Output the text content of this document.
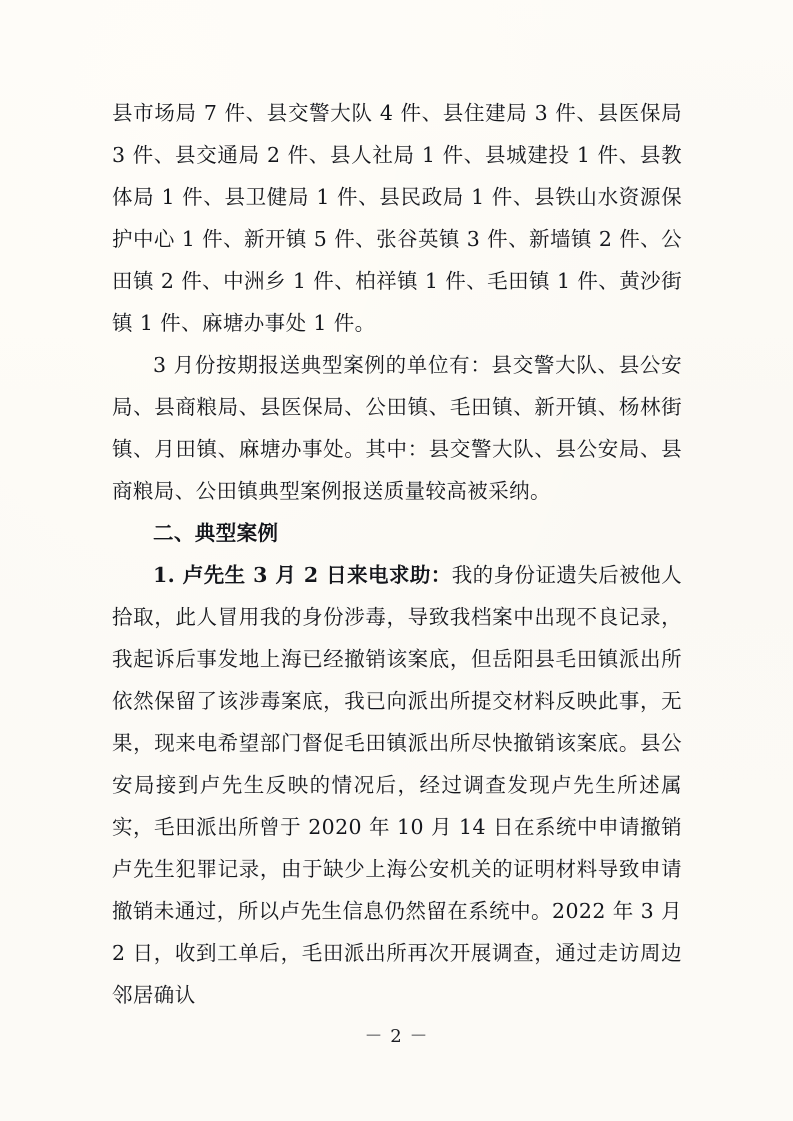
县市场局 7 件、县交警大队 4 件、县住建局 3 件、县医保局 3 件、县交通局 2 件、县人社局 1 件、县城建投 1 件、县教体局 1 件、县卫健局 1 件、县民政局 1 件、县铁山水资源保护中心 1 件、新开镇 5 件、张谷英镇 3 件、新墙镇 2 件、公田镇 2 件、中洲乡 1 件、柏祥镇 1 件、毛田镇 1 件、黄沙街镇 1 件、麻塘办事处 1 件。

3 月份按期报送典型案例的单位有：县交警大队、县公安局、县商粮局、县医保局、公田镇、毛田镇、新开镇、杨林街镇、月田镇、麻塘办事处。其中：县交警大队、县公安局、县商粮局、公田镇典型案例报送质量较高被采纳。

二、典型案例

1. 卢先生 3 月 2 日来电求助：我的身份证遗失后被他人拾取，此人冒用我的身份涉毒，导致我档案中出现不良记录，我起诉后事发地上海已经撤销该案底，但岳阳县毛田镇派出所依然保留了该涉毒案底，我已向派出所提交材料反映此事，无果，现来电希望部门督促毛田镇派出所尽快撤销该案底。县公安局接到卢先生反映的情况后，经过调查发现卢先生所述属实，毛田派出所曾于 2020 年 10 月 14 日在系统中申请撤销卢先生犯罪记录，由于缺少上海公安机关的证明材料导致申请撤销未通过，所以卢先生信息仍然留在系统中。2022 年 3 月 2 日，收到工单后，毛田派出所再次开展调查，通过走访周边邻居确认

－ 2 －
